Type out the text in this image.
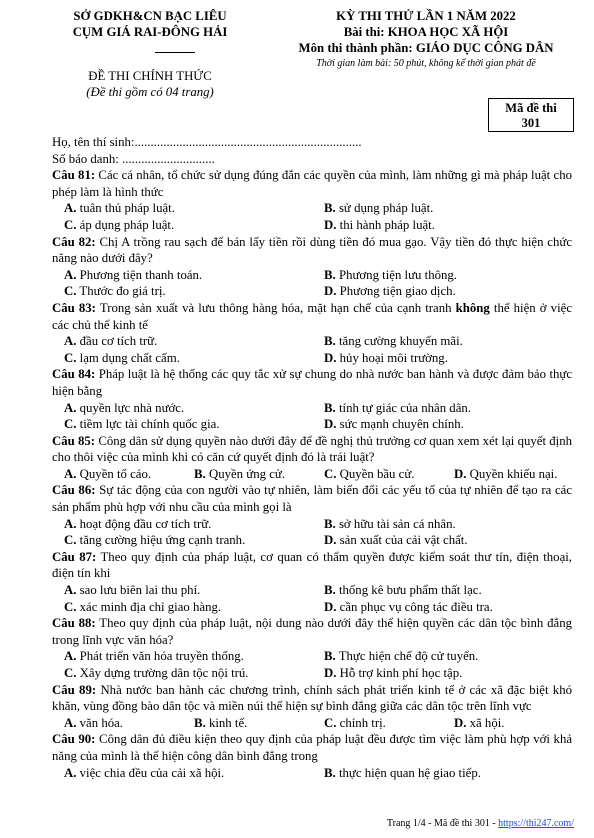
SỞ GDKH&CN BẠC LIÊU
CỤM GIÁ RAI-ĐÔNG HẢI
ĐỀ THI CHÍNH THỨC
(Đề thi gồm có 04 trang)
KỲ THI THỬ LẦN 1 NĂM 2022
Bài thi: KHOA HỌC XÃ HỘI
Môn thi thành phần: GIÁO DỤC CÔNG DÂN
Thời gian làm bài: 50 phút, không kể thời gian phát đề
Mã đề thi
301
Họ, tên thí sinh:.......................................................................
Số báo danh: .............................
Câu 81: Các cá nhân, tổ chức sử dụng đúng đắn các quyền của mình, làm những gì mà pháp luật cho phép làm là hình thức
A. tuân thủ pháp luật.	B. sử dụng pháp luật.
C. áp dụng pháp luật.	D. thi hành pháp luật.
Câu 82: Chị A trồng rau sạch để bán lấy tiền rồi dùng tiền đó mua gạo. Vậy tiền đó thực hiện chức năng nào dưới đây?
A. Phương tiện thanh toán.	B. Phương tiện lưu thông.
C. Thước đo giá trị.	D. Phương tiện giao dịch.
Câu 83: Trong sản xuất và lưu thông hàng hóa, mặt hạn chế của cạnh tranh không thể hiện ở việc các chủ thể kinh tế
A. đầu cơ tích trữ.	B. tăng cường khuyến mãi.
C. lạm dụng chất cấm.	D. hủy hoại môi trường.
Câu 84: Pháp luật là hệ thống các quy tắc xử sự chung do nhà nước ban hành và được đảm bảo thực hiện bằng
A. quyền lực nhà nước.	B. tính tự giác của nhân dân.
C. tiềm lực tài chính quốc gia.	D. sức mạnh chuyên chính.
Câu 85: Công dân sử dụng quyền nào dưới đây để đề nghị thủ trưởng cơ quan xem xét lại quyết định cho thôi việc của mình khi có căn cứ quyết định đó là trái luật?
A. Quyền tố cáo.	B. Quyền ứng cử.	C. Quyền bầu cử.	D. Quyền khiếu nại.
Câu 86: Sự tác động của con người vào tự nhiên, làm biến đổi các yếu tố của tự nhiên để tạo ra các sản phẩm phù hợp với nhu cầu của mình gọi là
A. hoạt động đầu cơ tích trữ.	B. sở hữu tài sản cá nhân.
C. tăng cường hiệu ứng cạnh tranh.	D. sản xuất của cải vật chất.
Câu 87: Theo quy định của pháp luật, cơ quan có thẩm quyền được kiểm soát thư tín, điện thoại, điện tín khi
A. sao lưu biên lai thu phí.	B. thống kê bưu phẩm thất lạc.
C. xác minh địa chỉ giao hàng.	D. cần phục vụ công tác điều tra.
Câu 88: Theo quy định của pháp luật, nội dung nào dưới đây thể hiện quyền các dân tộc bình đẳng trong lĩnh vực văn hóa?
A. Phát triển văn hóa truyền thống.	B. Thực hiện chế độ cử tuyển.
C. Xây dựng trường dân tộc nội trú.	D. Hỗ trợ kinh phí học tập.
Câu 89: Nhà nước ban hành các chương trình, chính sách phát triển kinh tế ở các xã đặc biệt khó khăn, vùng đồng bào dân tộc và miền núi thể hiện sự bình đẳng giữa các dân tộc trên lĩnh vực
A. văn hóa.	B. kinh tế.	C. chính trị.	D. xã hội.
Câu 90: Công dân đủ điều kiện theo quy định của pháp luật đều được tìm việc làm phù hợp với khả năng của mình là thể hiện công dân bình đẳng trong
A. việc chia đều của cải xã hội.	B. thực hiện quan hệ giao tiếp.
Trang 1/4 - Mã đề thi 301 - https://thi247.com/
